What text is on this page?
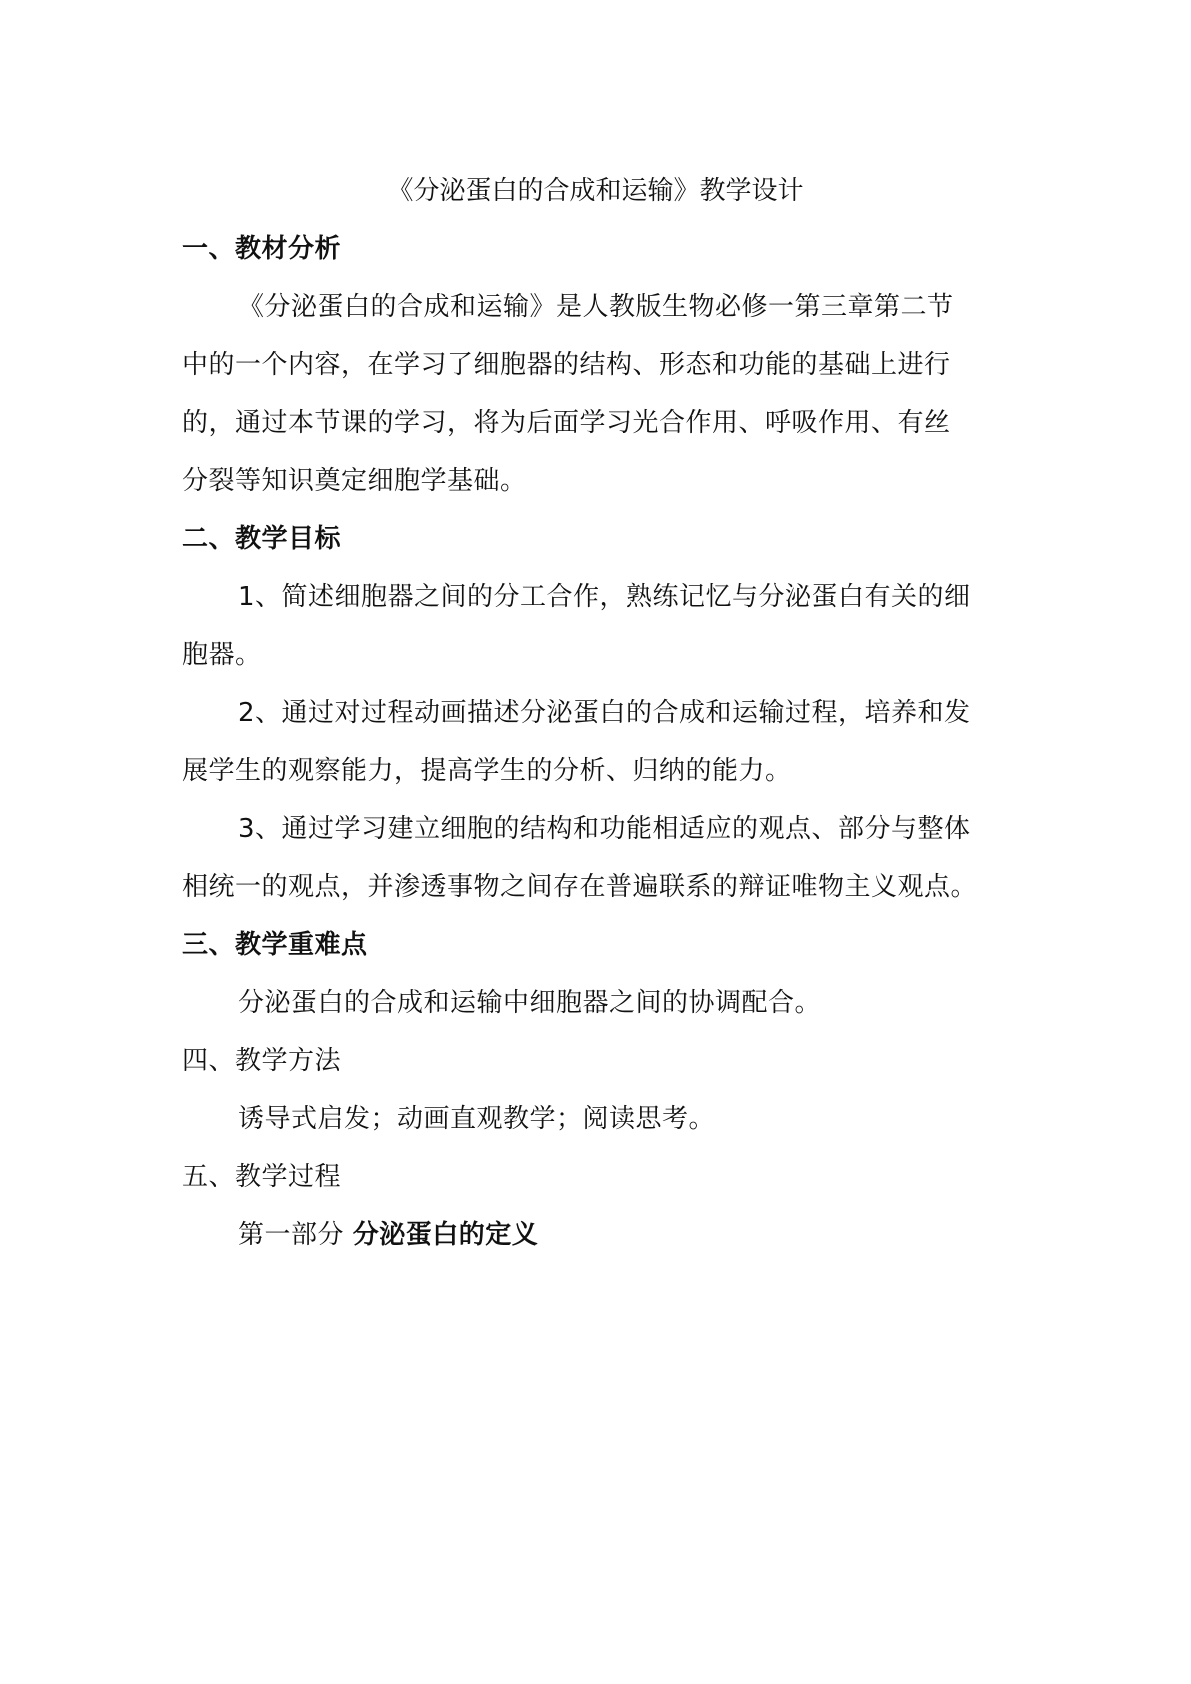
《分泌蛋白的合成和运输》教学设计
一、教材分析
《分泌蛋白的合成和运输》是人教版生物必修一第三章第二节
中的一个内容，在学习了细胞器的结构、形态和功能的基础上进行
的，通过本节课的学习，将为后面学习光合作用、呼吸作用、有丝
分裂等知识奠定细胞学基础。
二、教学目标
1、简述细胞器之间的分工合作，熟练记忆与分泌蛋白有关的细
胞器。
2、通过对过程动画描述分泌蛋白的合成和运输过程，培养和发
展学生的观察能力，提高学生的分析、归纳的能力。
3、通过学习建立细胞的结构和功能相适应的观点、部分与整体
相统一的观点，并渗透事物之间存在普遍联系的辩证唯物主义观点。
三、教学重难点
分泌蛋白的合成和运输中细胞器之间的协调配合。
四、教学方法
诱导式启发；动画直观教学；阅读思考。
五、教学过程
第一部分 分泌蛋白的定义
